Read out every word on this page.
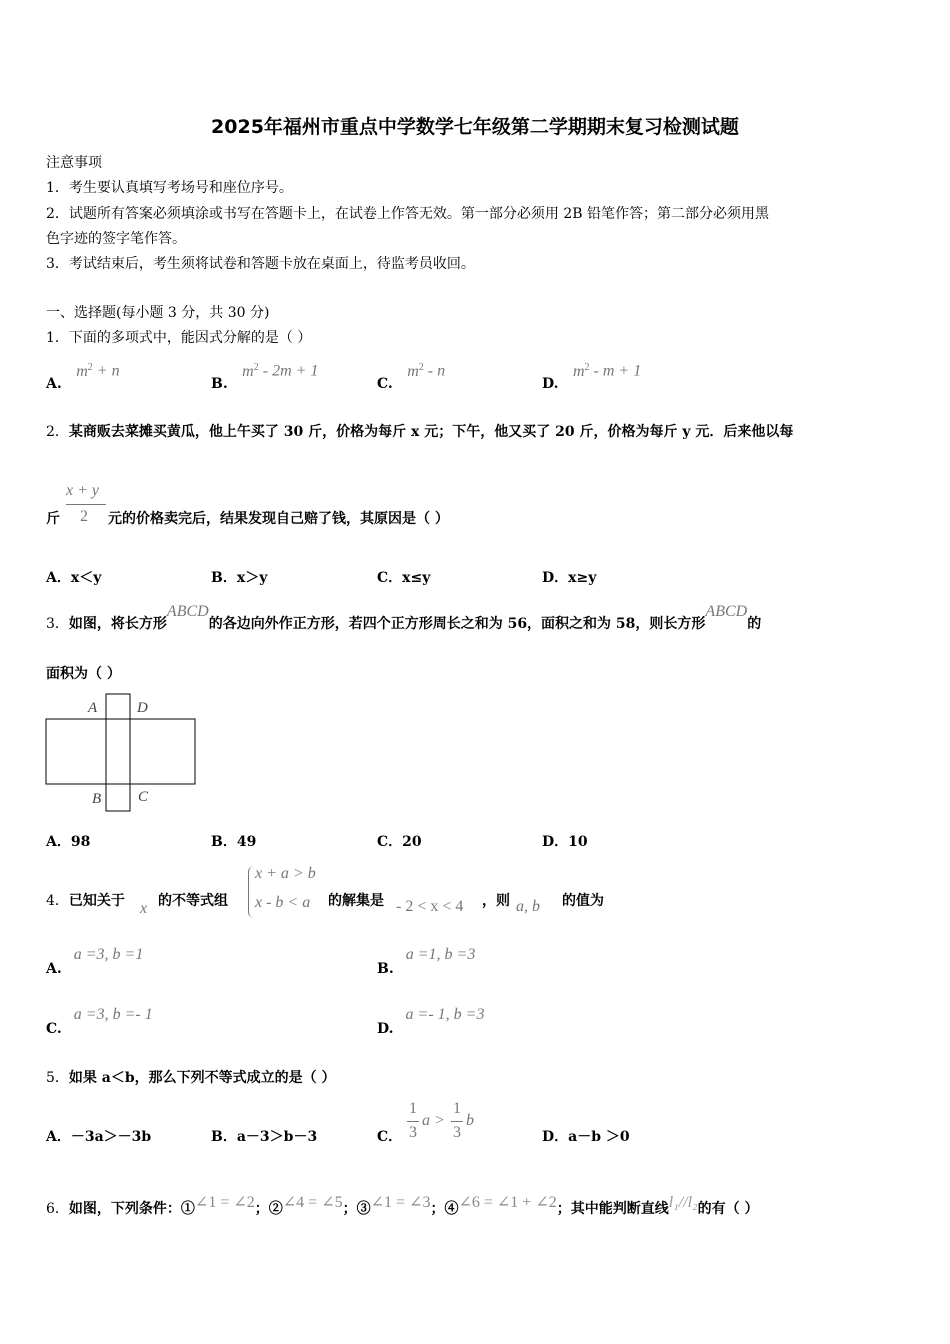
2025年福州市重点中学数学七年级第二学期期末复习检测试题
注意事项
1．考生要认真填写考场号和座位序号。
2．试题所有答案必须填涂或书写在答题卡上，在试卷上作答无效。第一部分必须用 2B 铅笔作答；第二部分必须用黑
色字迹的签字笔作答。
3．考试结束后，考生须将试卷和答题卡放在桌面上，待监考员收回。
一、选择题(每小题 3 分，共 30 分)
1．下面的多项式中，能因式分解的是（ ）
A. $m^2 + n$
B. $m^2 - 2m + 1$
C. $m^2$ - n
D. $m^2 - m + 1$
2．某商贩去菜摊买黄瓜，他上午买了 30 斤，价格为每斤 x 元；下午，他又买了 20 斤，价格为每斤 y 元．后来他以每
斤
x + y
2 元的价格卖完后，结果发现自己赔了钱，其原因是（ ）
A．x＜y	B．x＞y	C．x≤y	D．x≥y
3．如图，将长方形ABCD的各边向外作正方形，若四个正方形周长之和为 56，面积之和为 58，则长方形ABCD的
面积为（ ）
A	D
B C
A．98	B．49	C．20	D．10
4．已知关于 x 的不等式组
x + a > b
x - b < a 的解集是 - 2 < x < 4 ，则 a, b 的值为
A.a =3, b =1
B.a =1, b =3
C.a =3, b =- 1
D.a =- 1, b =3
5．如果 a＜b，那么下列不等式成立的是（ ）
A．－3a＞－3b	B．a－3＞b－3	C．
1
3
a >
1
3
b
D．a－b ＞0
6．如图，下列条件：①∠1 = ∠2；②∠4 = ∠5；③∠1 = ∠3；④∠6 = ∠1 + ∠2；其中能判断直线l₁//l₂的有（ ）
